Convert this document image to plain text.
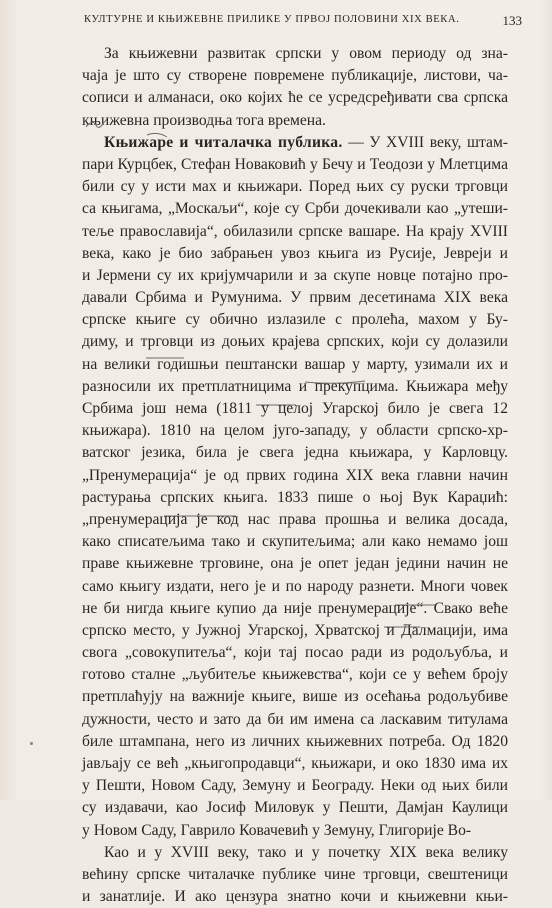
КУЛТУРНЕ И КЊИЖЕВНЕ ПРИЛИКЕ У ПРВОЈ ПОЛОВИНИ XIX ВЕКА.	133
За књижевни развитак српски у овом периоду од зна-
чаја је што су створене повремене публикације, листови, ча-
сописи и алманаси, око којих ће се усредсређивати сва српска
књижевна производња тога времена.
Књижаре и читалачка публика. — У XVIII веку, штам-
пари Курцбек, Стефан Новаковић у Бечу и Теодози у Млетцима
били су у исти мах и књижари. Поред њих су руски трговци
са књигама, „Москаљи“, које су Срби дочекивали као „утеши-
теље православија“, обилазили српске вашаре. На крају XVIII
века, како је био забрањен увоз књига из Русије, Јевреји и
и Јермени су их кријумчарили и за скупе новце потајно про-
давали Србима и Румунима. У првим десетинама XIX века
српске књиге су обично излазиле с пролећа, махом у Бу-
диму, и трговци из доњих крајева српских, који су долазили
на велики годишњи пештански вашар у марту, узимали их и
разносили их претплатницима и прекупцима. Књижара међу
Србима још нема (1811 у целој Угарској било је свега 12
књижара). 1810 на целом југо-западу, у области српско-хр-
ватског језика, била је свега једна књижара, у Карловцу.
„Пренумерација“ је од првих година XIX века главни начин
растурања српских књига. 1833 пише о њој Вук Караџић:
„пренумерација је код нас права прошња и велика досада,
како списатељима тако и скупитељима; али како немамо још
праве књижевне трговине, она је опет један једини начин не
само књигу издати, него је и по народу разнети. Многи човек
не би нигда књиге купио да није пренумерације“. Свако веће
српско место, у Јужној Угарској, Хрватској и Далмацији, има
свога „совокупитеља“, који тај посао ради из родољубља, и
готово сталне „љубитеље књижевства“, који се у већем броју
претплаћују на важније књиге, више из осећања родољубиве
дужности, често и зато да би им имена са ласкавим титулама
биле штампана, него из личних књижевних потреба. Од 1820
јављају се већ „књигопродавци“, књижари, и око 1830 има их
у Пешти, Новом Саду, Земуну и Београду. Неки од њих били
су издавачи, као Јосиф Миловук у Пешти, Дамјан Каулици
у Новом Саду, Гаврило Ковачевић у Земуну, Глигорије Во-
Као и у XVIII веку, тако и у почетку XIX века велику
већину српске читалачке публике чине трговци, свештеници
и занатлије. И ако цензура знатно кочи и књижевни књи-
